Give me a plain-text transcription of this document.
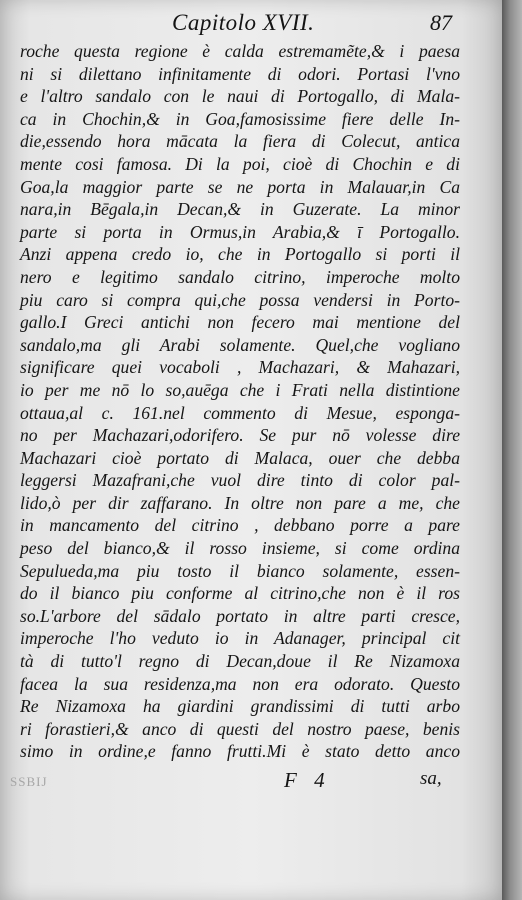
Capitolo XVII.	87
roche questa regione è calda estremamẽte,& i paesa
ni si dilettano infinitamente di odori. Portasi l'vno
e l'altro sandalo con le naui di Portogallo, di Mala-
ca in Chochin,& in Goa,famosissime fiere delle In-
die,essendo hora mācata la fiera di Colecut, antica
mente cosi famosa. Di la poi, cioè di Chochin e di
Goa,la maggior parte se ne porta in Malauar,in Ca
nara,in Bēgala,in Decan,& in Guzerate. La minor
parte si porta in Ormus,in Arabia,& ī Portogallo.
Anzi appena credo io, che in Portogallo si porti il
nero e legitimo sandalo citrino, imperoche molto
piu caro si compra qui,che possa vendersi in Porto-
gallo.I Greci antichi non fecero mai mentione del
sandalo,ma gli Arabi solamente. Quel,che vogliano
significare quei vocaboli , Machazari, & Mahazari,
io per me nō lo so,auēga che i Frati nella distintione
ottaua,al c. 161.nel commento di Mesue, esponga-
no per Machazari,odorifero. Se pur nō volesse dire
Machazari cioè portato di Malaca, ouer che debba
leggersi Mazafrani,che vuol dire tinto di color pal-
lido,ò per dir zaffarano. In oltre non pare a me, che
in mancamento del citrino , debbano porre a pare
peso del bianco,& il rosso insieme, si come ordina
Sepulueda,ma piu tosto il bianco solamente, essen-
do il bianco piu conforme al citrino,che non è il ros
so.L'arbore del sādalo portato in altre parti cresce,
imperoche l'ho veduto io in Adanager, principal cit
tà di tutto'l regno di Decan,doue il Re Nizamoxa
facea la sua residenza,ma non era odorato. Questo
Re Nizamoxa ha giardini grandissimi di tutti arbo
ri forastieri,& anco di questi del nostro paese, benis
simo in ordine,e fanno frutti.Mi è stato detto anco
SSBIJ	F 4	sa,
